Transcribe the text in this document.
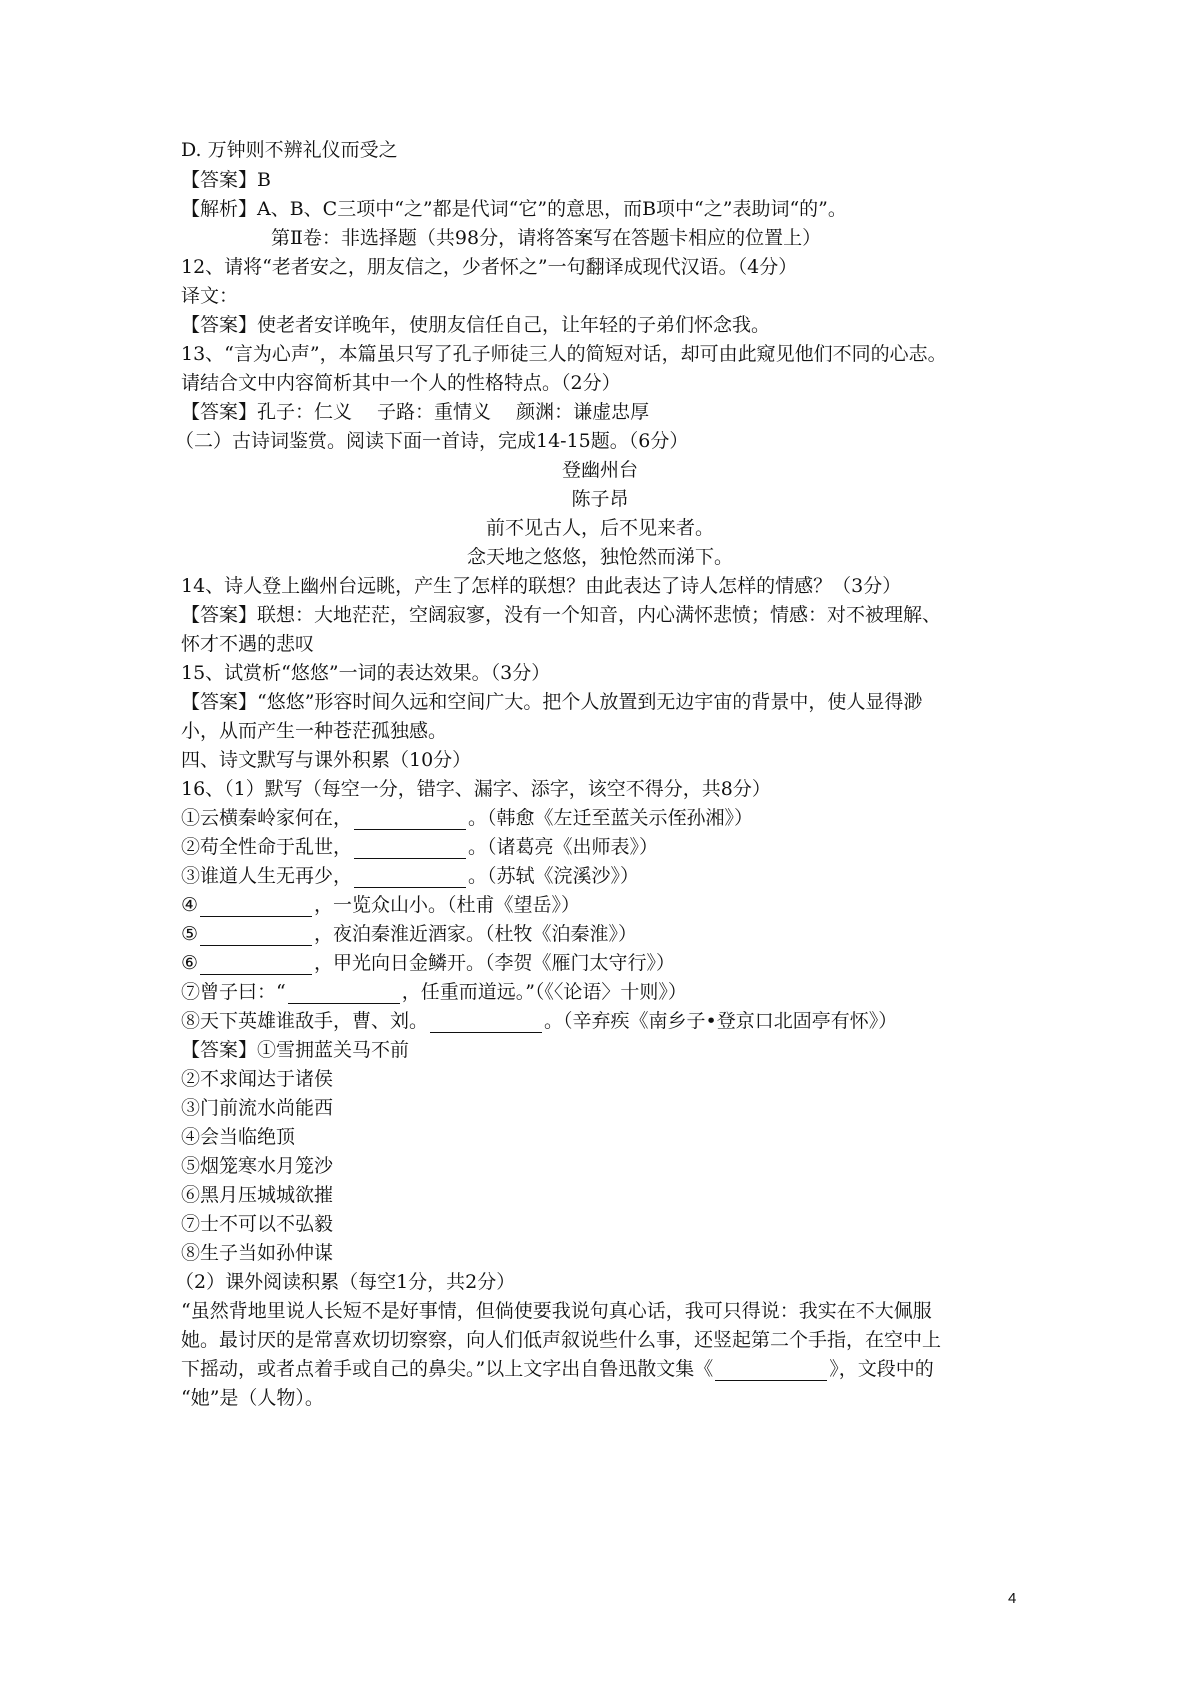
D. 万钟则不辨礼仪而受之
【答案】B
【解析】A、B、C三项中“之”都是代词“它”的意思，而B项中“之”表助词“的”。
第Ⅱ卷：非选择题（共98分，请将答案写在答题卡相应的位置上）
12、请将“老者安之，朋友信之，少者怀之”一句翻译成现代汉语。（4分）
译文：
【答案】使老者安详晚年，使朋友信任自己，让年轻的子弟们怀念我。
13、“言为心声”，本篇虽只写了孔子师徒三人的简短对话，却可由此窥见他们不同的心志。
请结合文中内容简析其中一个人的性格特点。（2分）
【答案】孔子：仁义　 子路：重情义　 颜渊：谦虚忠厚
（二）古诗词鉴赏。阅读下面一首诗，完成14-15题。（6分）
登幽州台
陈子昂
前不见古人，后不见来者。
念天地之悠悠，独怆然而涕下。
14、诗人登上幽州台远眺，产生了怎样的联想？由此表达了诗人怎样的情感？（3分）
【答案】联想：大地茫茫，空阔寂寥，没有一个知音，内心满怀悲愤；情感：对不被理解、
怀才不遇的悲叹
15、试赏析“悠悠”一词的表达效果。（3分）
【答案】“悠悠”形容时间久远和空间广大。把个人放置到无边宇宙的背景中，使人显得渺
小，从而产生一种苍茫孤独感。
四、诗文默写与课外积累（10分）
16、（1）默写（每空一分，错字、漏字、添字，该空不得分，共8分）
①云横秦岭家何在，	。（韩愈《左迁至蓝关示侄孙湘》）
②苟全性命于乱世，	。（诸葛亮《出师表》）
③谁道人生无再少，	。（苏轼《浣溪沙》）
④	，一览众山小。（杜甫《望岳》）
⑤	，夜泊秦淮近酒家。（杜牧《泊秦淮》）
⑥	，甲光向日金鳞开。（李贺《雁门太守行》）
⑦曾子曰：“	，任重而道远。”（《〈论语〉十则》）
⑧天下英雄谁敌手，曹、刘。	。（辛弃疾《南乡子•登京口北固亭有怀》）
【答案】①雪拥蓝关马不前
②不求闻达于诸侯
③门前流水尚能西
④会当临绝顶
⑤烟笼寒水月笼沙
⑥黑月压城城欲摧
⑦士不可以不弘毅
⑧生子当如孙仲谋
（2）课外阅读积累（每空1分，共2分）
“虽然背地里说人长短不是好事情，但倘使要我说句真心话，我可只得说：我实在不大佩服
她。最讨厌的是常喜欢切切察察，向人们低声叙说些什么事，还竖起第二个手指，在空中上
下摇动，或者点着手或自己的鼻尖。”以上文字出自鲁迅散文集《	》，文段中的
“她”是（人物）。
4
